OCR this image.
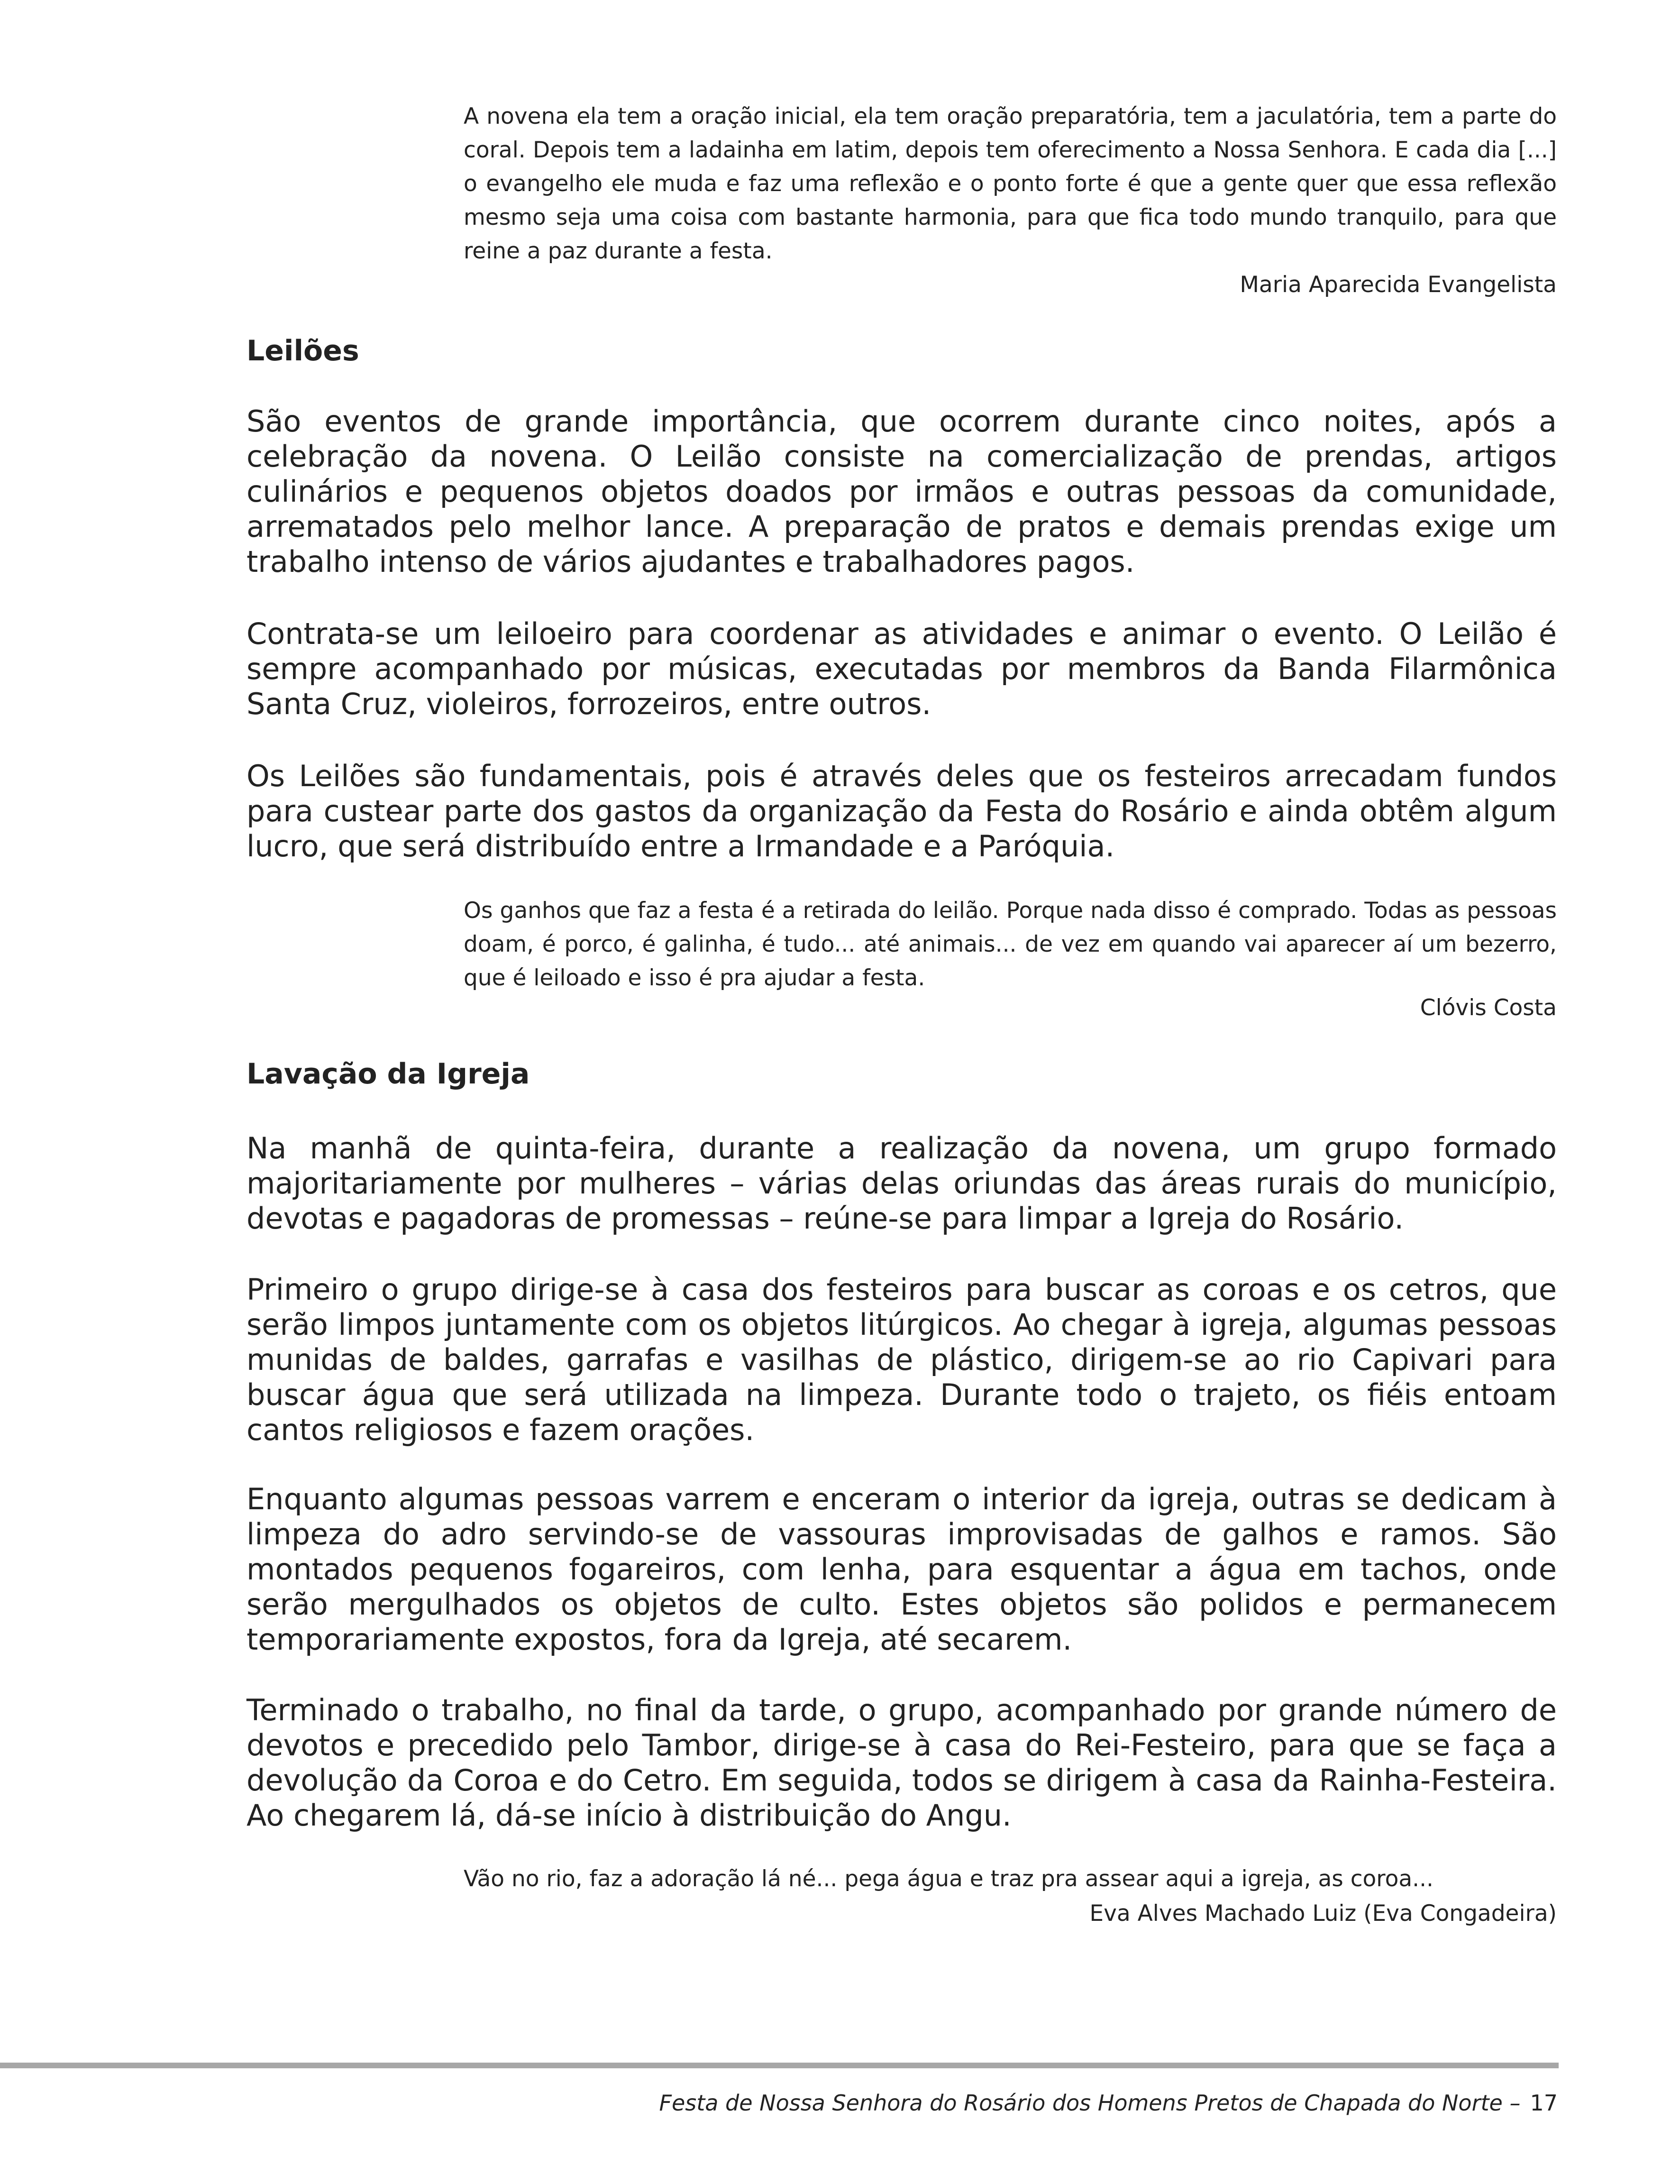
A novena ela tem a oração inicial, ela tem oração preparatória, tem a jaculatória, tem a parte do coral. Depois tem a ladainha em latim, depois tem oferecimento a Nossa Senhora. E cada dia [...] o evangelho ele muda e faz uma reflexão e o ponto forte é que a gente quer que essa reflexão mesmo seja uma coisa com bastante harmonia, para que fica todo mundo tranquilo, para que reine a paz durante a festa.

Maria Aparecida Evangelista

Leilões

São eventos de grande importância, que ocorrem durante cinco noites, após a celebração da novena. O Leilão consiste na comercialização de prendas, artigos culinários e pequenos objetos doados por irmãos e outras pessoas da comunidade, arrematados pelo melhor lance. A preparação de pratos e demais prendas exige um trabalho intenso de vários ajudantes e trabalhadores pagos.

Contrata-se um leiloeiro para coordenar as atividades e animar o evento. O Leilão é sempre acompanhado por músicas, executadas por membros da Banda Filarmônica Santa Cruz, violeiros, forrozeiros, entre outros.

Os Leilões são fundamentais, pois é através deles que os festeiros arrecadam fundos para custear parte dos gastos da organização da Festa do Rosário e ainda obtêm algum lucro, que será distribuído entre a Irmandade e a Paróquia.

Os ganhos que faz a festa é a retirada do leilão. Porque nada disso é comprado. Todas as pessoas doam, é porco, é galinha, é tudo... até animais... de vez em quando vai aparecer aí um bezerro, que é leiloado e isso é pra ajudar a festa.

Clóvis Costa

Lavação da Igreja

Na manhã de quinta-feira, durante a realização da novena, um grupo formado majoritariamente por mulheres – várias delas oriundas das áreas rurais do município, devotas e pagadoras de promessas – reúne-se para limpar a Igreja do Rosário.

Primeiro o grupo dirige-se à casa dos festeiros para buscar as coroas e os cetros, que serão limpos juntamente com os objetos litúrgicos. Ao chegar à igreja, algumas pessoas munidas de baldes, garrafas e vasilhas de plástico, dirigem-se ao rio Capivari para buscar água que será utilizada na limpeza. Durante todo o trajeto, os fiéis entoam cantos religiosos e fazem orações.

Enquanto algumas pessoas varrem e enceram o interior da igreja, outras se dedicam à limpeza do adro servindo-se de vassouras improvisadas de galhos e ramos. São montados pequenos fogareiros, com lenha, para esquentar a água em tachos, onde serão mergulhados os objetos de culto. Estes objetos são polidos e permanecem temporariamente expostos, fora da Igreja, até secarem.

Terminado o trabalho, no final da tarde, o grupo, acompanhado por grande número de devotos e precedido pelo Tambor, dirige-se à casa do Rei-Festeiro, para que se faça a devolução da Coroa e do Cetro. Em seguida, todos se dirigem à casa da Rainha-Festeira. Ao chegarem lá, dá-se início à distribuição do Angu.

Vão no rio, faz a adoração lá né... pega água e traz pra assear aqui a igreja, as coroa...

Eva Alves Machado Luiz (Eva Congadeira)

Festa de Nossa Senhora do Rosário dos Homens Pretos de Chapada do Norte – 17
